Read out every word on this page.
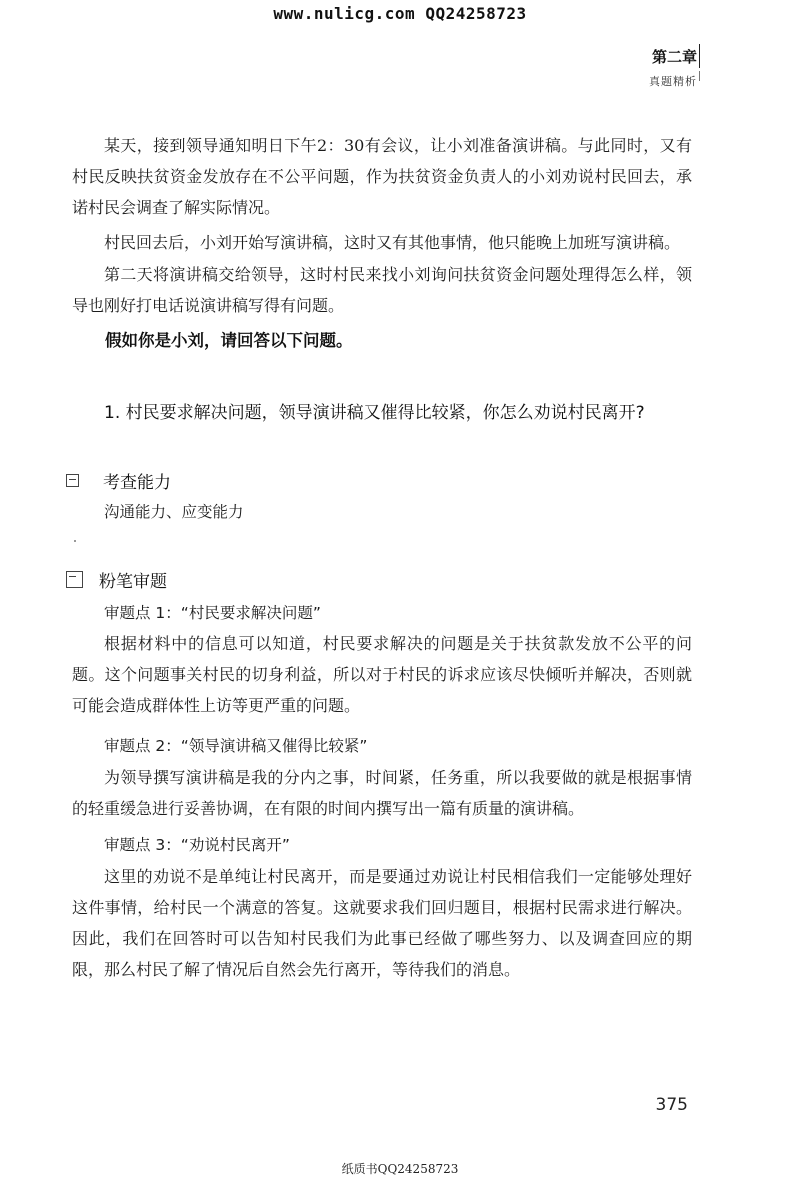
www.nulicg.com QQ24258723
第二章
真题精析

某天，接到领导通知明日下午2：30有会议，让小刘准备演讲稿。与此同时，又有村民反映扶贫资金发放存在不公平问题，作为扶贫资金负责人的小刘劝说村民回去，承诺村民会调查了解实际情况。

村民回去后，小刘开始写演讲稿，这时又有其他事情，他只能晚上加班写演讲稿。

第二天将演讲稿交给领导，这时村民来找小刘询问扶贫资金问题处理得怎么样，领导也刚好打电话说演讲稿写得有问题。

假如你是小刘，请回答以下问题。

1. 村民要求解决问题，领导演讲稿又催得比较紧，你怎么劝说村民离开?
考查能力
沟通能力、应变能力
粉笔审题
审题点 1：“村民要求解决问题”

根据材料中的信息可以知道，村民要求解决的问题是关于扶贫款发放不公平的问题。这个问题事关村民的切身利益，所以对于村民的诉求应该尽快倾听并解决，否则就可能会造成群体性上访等更严重的问题。

审题点 2：“领导演讲稿又催得比较紧”

为领导撰写演讲稿是我的分内之事，时间紧，任务重，所以我要做的就是根据事情的轻重缓急进行妥善协调，在有限的时间内撰写出一篇有质量的演讲稿。

审题点 3：“劝说村民离开”

这里的劝说不是单纯让村民离开，而是要通过劝说让村民相信我们一定能够处理好这件事情，给村民一个满意的答复。这就要求我们回归题目，根据村民需求进行解决。因此，我们在回答时可以告知村民我们为此事已经做了哪些努力、以及调查回应的期限，那么村民了解了情况后自然会先行离开，等待我们的消息。

375
纸质书QQ24258723
